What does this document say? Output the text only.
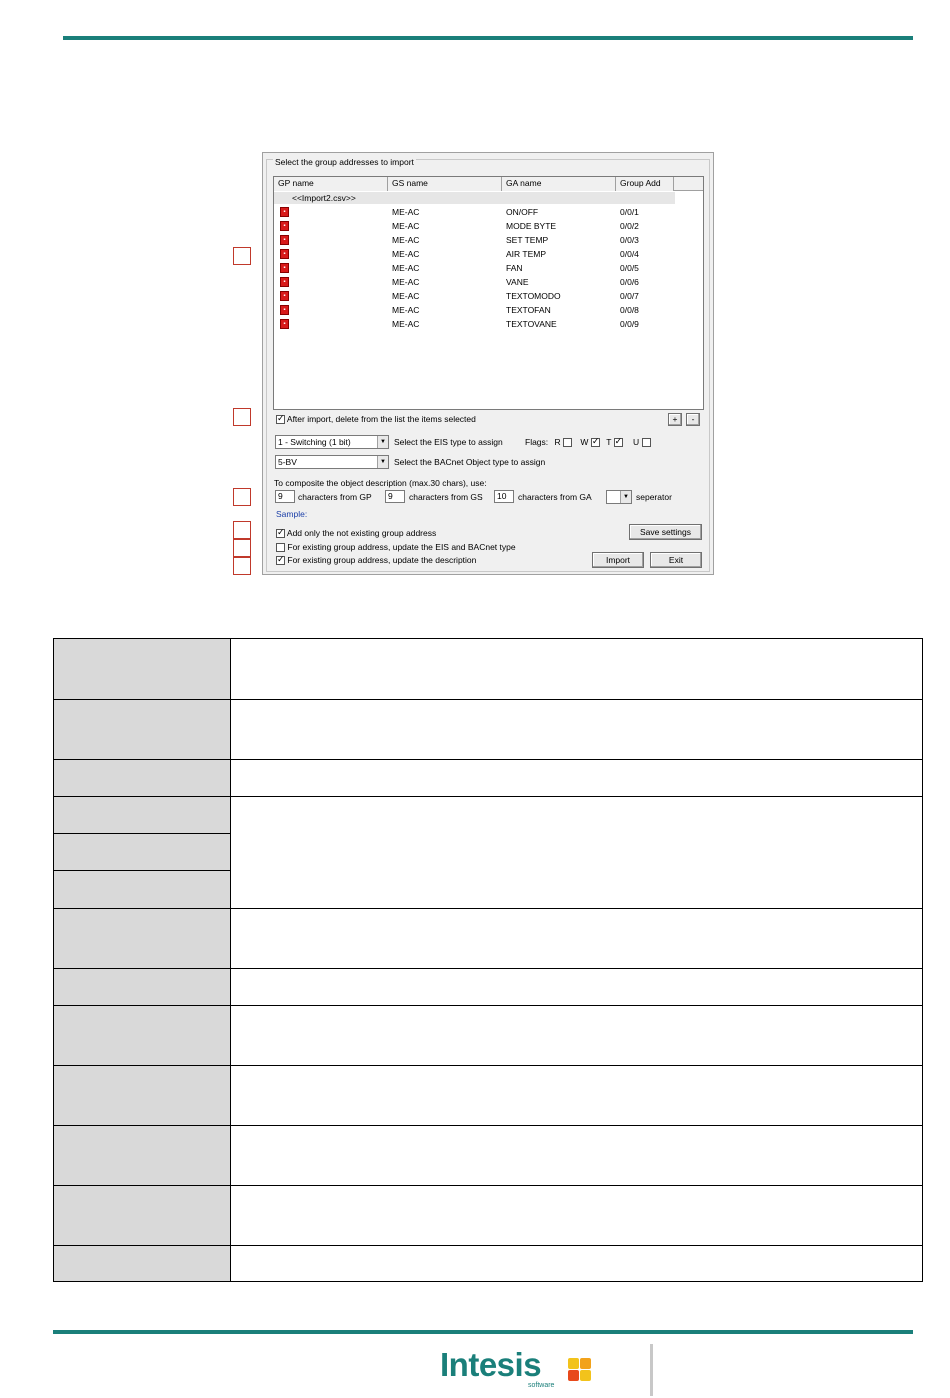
Select the group addresses to import
GP name	GS name	GA name	Group Add
<<Import2.csv>>
▪	ME-AC	ON/OFF	0/0/1
▪	ME-AC	MODE BYTE	0/0/2
▪	ME-AC	SET TEMP	0/0/3
▪	ME-AC	AIR TEMP	0/0/4
▪	ME-AC	FAN	0/0/5
▪	ME-AC	VANE	0/0/6
▪	ME-AC	TEXTOMODO	0/0/7
▪	ME-AC	TEXTOFAN	0/0/8
▪	ME-AC	TEXTOVANE	0/0/9
✓ After import, delete from the list the items selected	+	-
1 - Switching (1 bit)	▼ Select the EIS type to assign	Flags: R W ✓ T ✓	U
5-BV	▼ Select the BACnet Object type to assign
To composite the object description (max.30 chars), use:
9	characters from GP	9	characters from GS	10	characters from GA	▼ seperator
Sample:
✓ Add only the not existing group address
For existing group address, update the EIS and BACnet type
✓ For existing group address, update the description
Save settings
Import	Exit

Intesis
software
